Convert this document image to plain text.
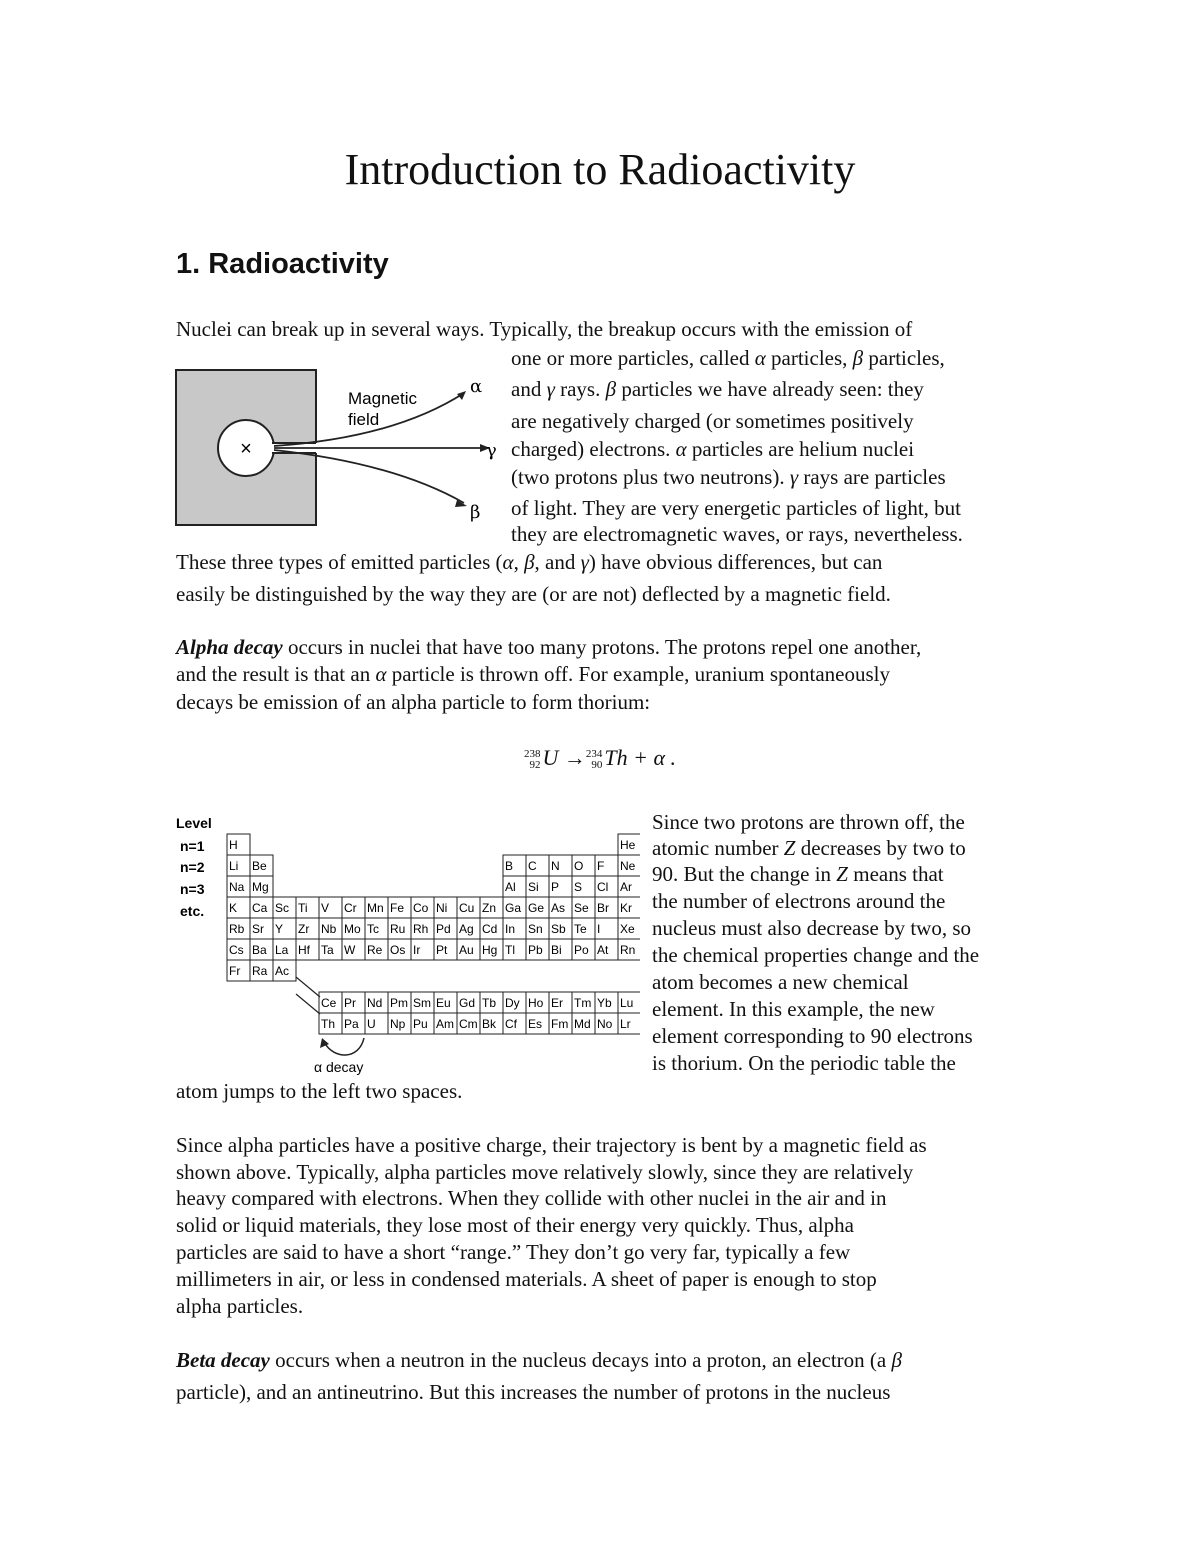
Introduction to Radioactivity
1. Radioactivity
Nuclei can break up in several ways. Typically, the breakup occurs with the emission of
one or more particles, called α particles, β particles,
and γ rays. β particles we have already seen: they
are negatively charged (or sometimes positively
charged) electrons. α particles are helium nuclei
(two protons plus two neutrons). γ rays are particles
of light. They are very energetic particles of light, but
they are electromagnetic waves, or rays, nevertheless.
These three types of emitted particles (α, β, and γ) have obvious differences, but can
easily be distinguished by the way they are (or are not) deflected by a magnetic field.
×
Magnetic
field
α
γ
β
Alpha decay occurs in nuclei that have too many protons. The protons repel one another,
and the result is that an α particle is thrown off. For example, uranium spontaneously
decays be emission of an alpha particle to form thorium:
238
92 U → 234
90 Th + α .
Level
n=1
n=2
n=3
etc.
H	He
Li Be	B C N O F Ne
Na Mg	Al Si P S Cl Ar
K Ca Sc Ti V Cr Mn Fe Co Ni Cu Zn Ga Ge As Se Br Kr
Rb Sr Y Zr Nb Mo Tc Ru Rh Pd Ag Cd In Sn Sb Te I Xe
Cs Ba La Hf Ta W Re Os Ir Pt Au Hg Tl Pb Bi Po At Rn
Fr Ra Ac
Ce Pr Nd Pm Sm Eu Gd Tb Dy Ho Er Tm Yb Lu
Th Pa U Np Pu Am Cm Bk Cf Es Fm Md No Lr
α decay
Since two protons are thrown off, the
atomic number Z decreases by two to
90. But the change in Z means that
the number of electrons around the
nucleus must also decrease by two, so
the chemical properties change and the
atom becomes a new chemical
element. In this example, the new
element corresponding to 90 electrons
is thorium. On the periodic table the
atom jumps to the left two spaces.
Since alpha particles have a positive charge, their trajectory is bent by a magnetic field as
shown above. Typically, alpha particles move relatively slowly, since they are relatively
heavy compared with electrons. When they collide with other nuclei in the air and in
solid or liquid materials, they lose most of their energy very quickly. Thus, alpha
particles are said to have a short “range.” They don’t go very far, typically a few
millimeters in air, or less in condensed materials. A sheet of paper is enough to stop
alpha particles.
Beta decay occurs when a neutron in the nucleus decays into a proton, an electron (a β
particle), and an antineutrino. But this increases the number of protons in the nucleus
